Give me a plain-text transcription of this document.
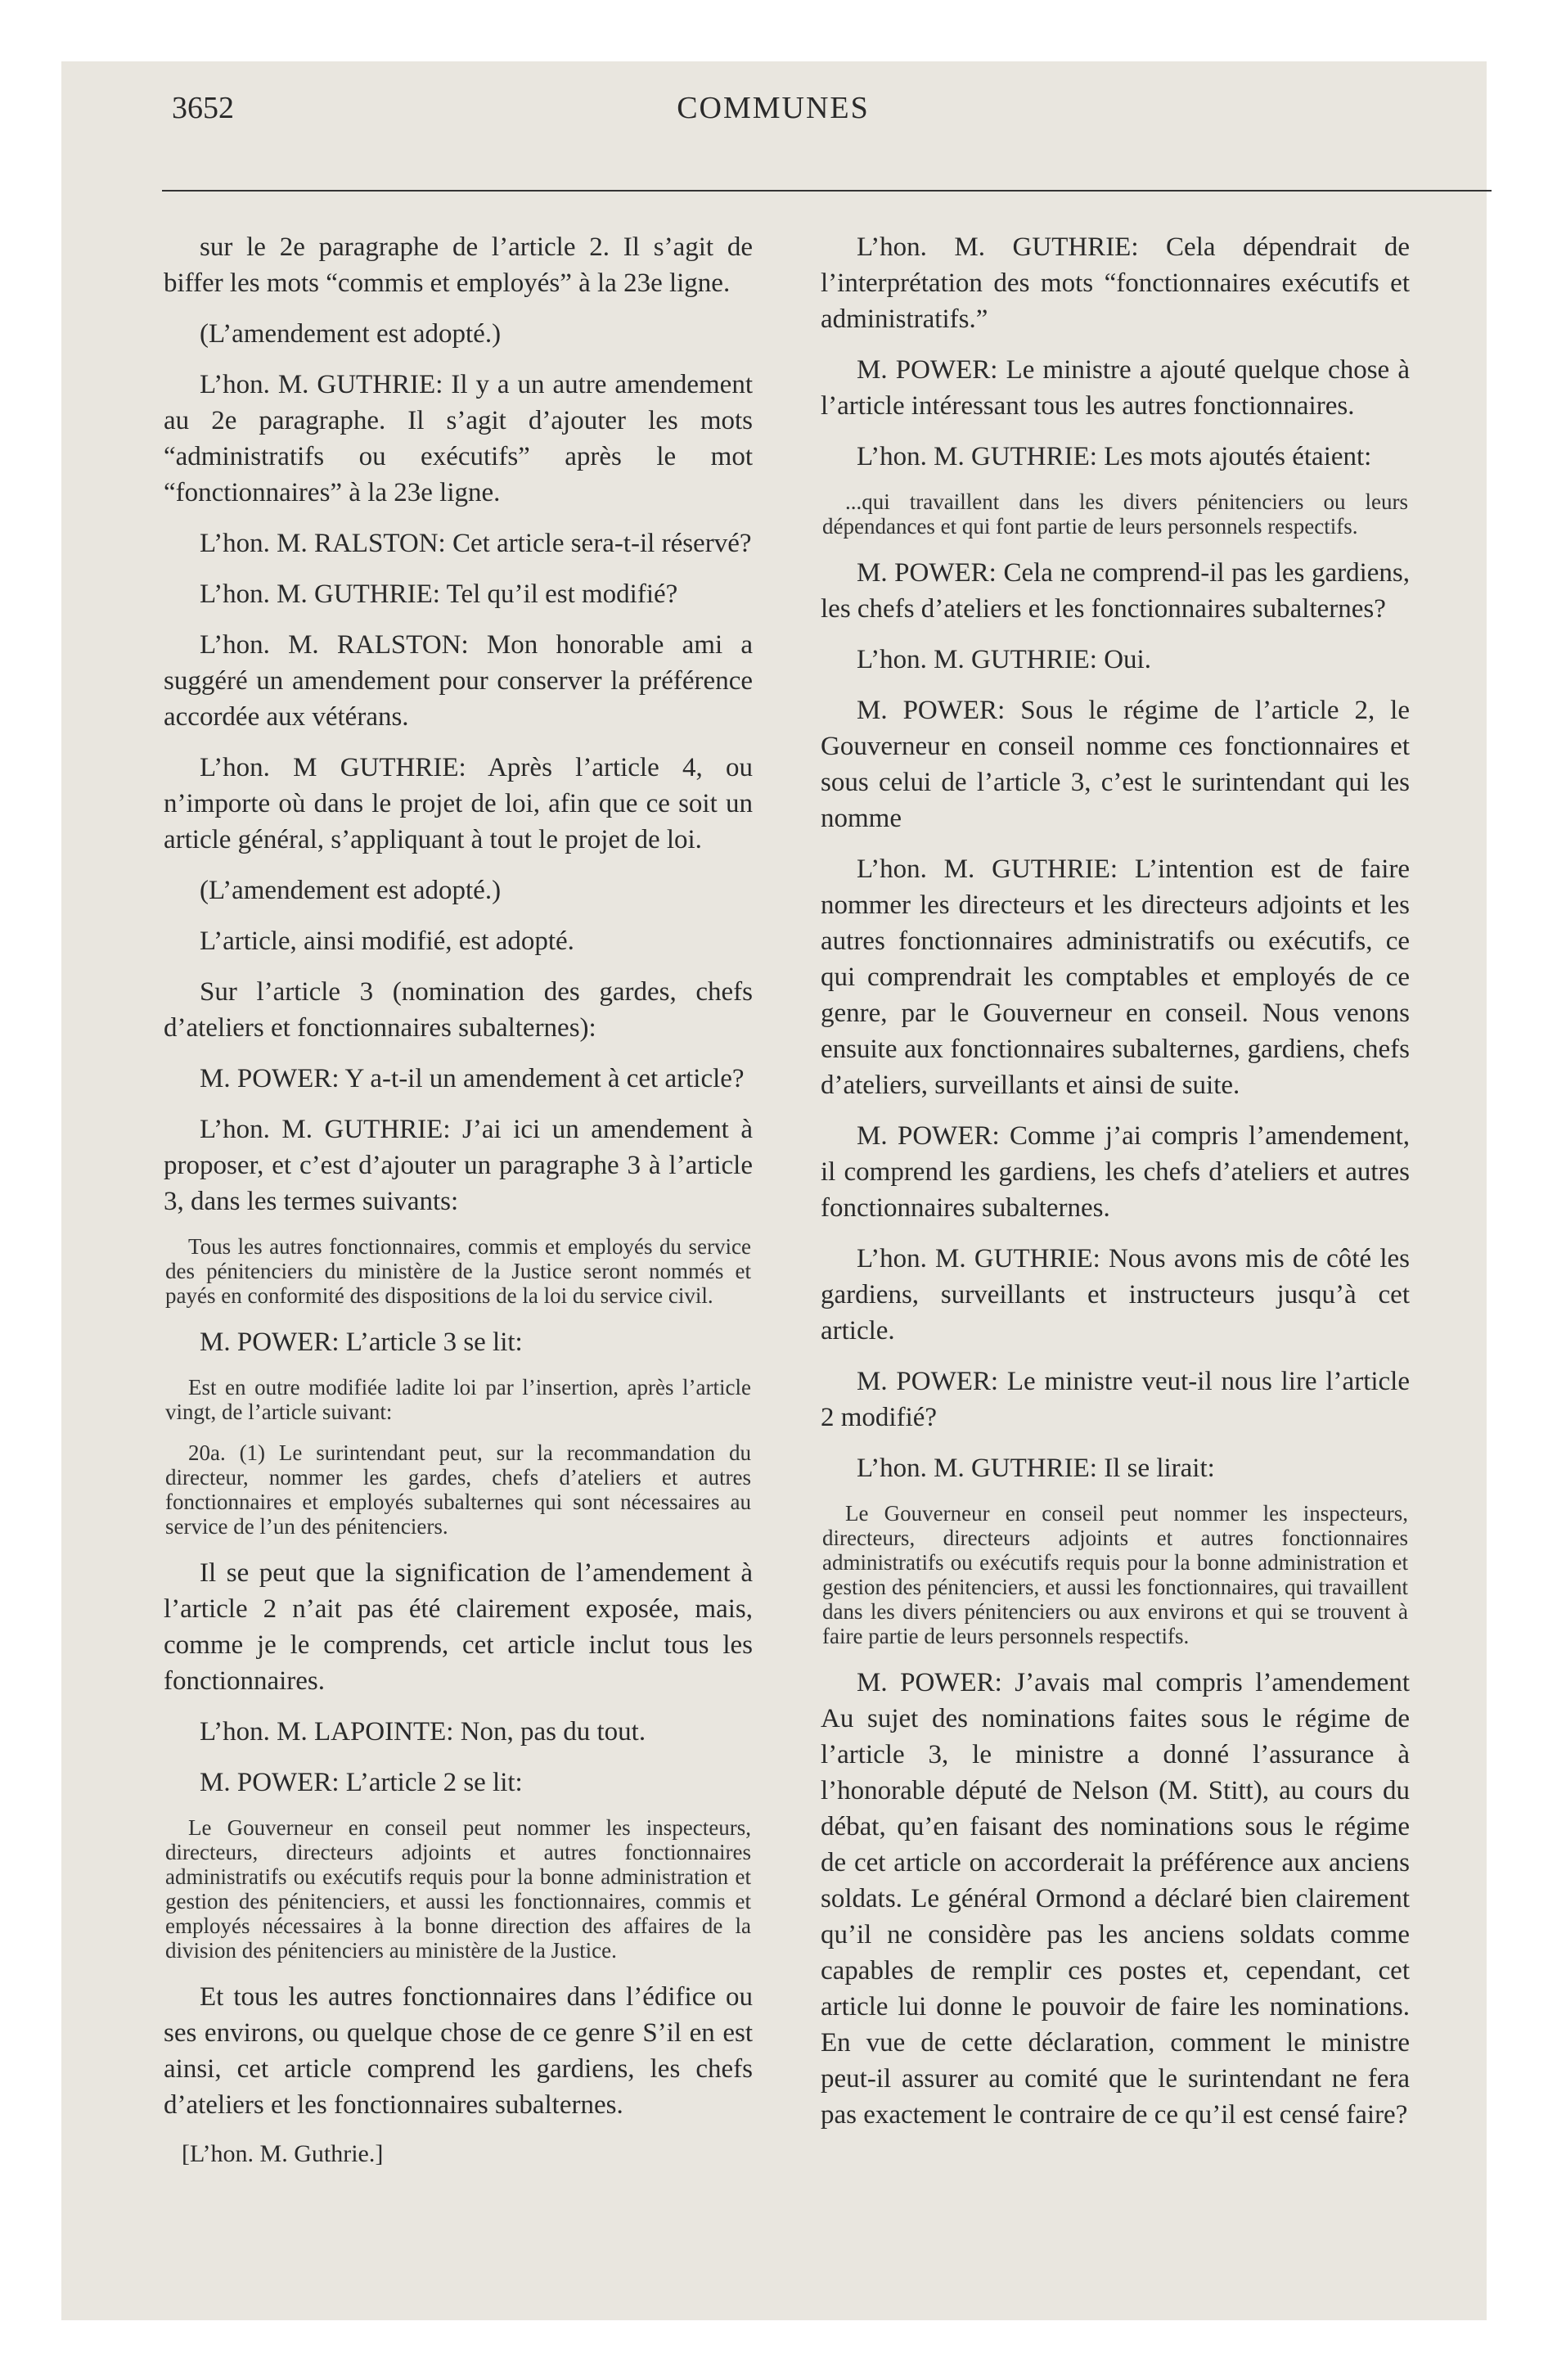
3652	COMMUNES

sur le 2e paragraphe de l’article 2. Il s’agit de biffer les mots “commis et employés” à la 23e ligne.

(L’amendement est adopté.)

L’hon. M. GUTHRIE: Il y a un autre amendement au 2e paragraphe. Il s’agit d’ajouter les mots “administratifs ou exécutifs” après le mot “fonctionnaires” à la 23e ligne.

L’hon. M. RALSTON: Cet article sera-t-il réservé?

L’hon. M. GUTHRIE: Tel qu’il est modifié?

L’hon. M. RALSTON: Mon honorable ami a suggéré un amendement pour conserver la préférence accordée aux vétérans.

L’hon. M GUTHRIE: Après l’article 4, ou n’importe où dans le projet de loi, afin que ce soit un article général, s’appliquant à tout le projet de loi.

(L’amendement est adopté.)

L’article, ainsi modifié, est adopté.

Sur l’article 3 (nomination des gardes, chefs d’ateliers et fonctionnaires subalternes):

M. POWER: Y a-t-il un amendement à cet article?

L’hon. M. GUTHRIE: J’ai ici un amendement à proposer, et c’est d’ajouter un paragraphe 3 à l’article 3, dans les termes suivants:

Tous les autres fonctionnaires, commis et employés du service des pénitenciers du ministère de la Justice seront nommés et payés en conformité des dispositions de la loi du service civil.

M. POWER: L’article 3 se lit:

Est en outre modifiée ladite loi par l’insertion, après l’article vingt, de l’article suivant:

20a. (1) Le surintendant peut, sur la recommandation du directeur, nommer les gardes, chefs d’ateliers et autres fonctionnaires et employés subalternes qui sont nécessaires au service de l’un des pénitenciers.

Il se peut que la signification de l’amendement à l’article 2 n’ait pas été clairement exposée, mais, comme je le comprends, cet article inclut tous les fonctionnaires.

L’hon. M. LAPOINTE: Non, pas du tout.

M. POWER: L’article 2 se lit:

Le Gouverneur en conseil peut nommer les inspecteurs, directeurs, directeurs adjoints et autres fonctionnaires administratifs ou exécutifs requis pour la bonne administration et gestion des pénitenciers, et aussi les fonctionnaires, commis et employés nécessaires à la bonne direction des affaires de la division des pénitenciers au ministère de la Justice.

Et tous les autres fonctionnaires dans l’édifice ou ses environs, ou quelque chose de ce genre S’il en est ainsi, cet article comprend les gardiens, les chefs d’ateliers et les fonctionnaires subalternes.

[L’hon. M. Guthrie.]

L’hon. M. GUTHRIE: Cela dépendrait de l’interprétation des mots “fonctionnaires exécutifs et administratifs.”

M. POWER: Le ministre a ajouté quelque chose à l’article intéressant tous les autres fonctionnaires.

L’hon. M. GUTHRIE: Les mots ajoutés étaient:

...qui travaillent dans les divers pénitenciers ou leurs dépendances et qui font partie de leurs personnels respectifs.

M. POWER: Cela ne comprend-il pas les gardiens, les chefs d’ateliers et les fonctionnaires subalternes?

L’hon. M. GUTHRIE: Oui.

M. POWER: Sous le régime de l’article 2, le Gouverneur en conseil nomme ces fonctionnaires et sous celui de l’article 3, c’est le surintendant qui les nomme

L’hon. M. GUTHRIE: L’intention est de faire nommer les directeurs et les directeurs adjoints et les autres fonctionnaires administratifs ou exécutifs, ce qui comprendrait les comptables et employés de ce genre, par le Gouverneur en conseil. Nous venons ensuite aux fonctionnaires subalternes, gardiens, chefs d’ateliers, surveillants et ainsi de suite.

M. POWER: Comme j’ai compris l’amendement, il comprend les gardiens, les chefs d’ateliers et autres fonctionnaires subalternes.

L’hon. M. GUTHRIE: Nous avons mis de côté les gardiens, surveillants et instructeurs jusqu’à cet article.

M. POWER: Le ministre veut-il nous lire l’article 2 modifié?

L’hon. M. GUTHRIE: Il se lirait:

Le Gouverneur en conseil peut nommer les inspecteurs, directeurs, directeurs adjoints et autres fonctionnaires administratifs ou exécutifs requis pour la bonne administration et gestion des pénitenciers, et aussi les fonctionnaires, qui travaillent dans les divers pénitenciers ou aux environs et qui se trouvent à faire partie de leurs personnels respectifs.

M. POWER: J’avais mal compris l’amendement Au sujet des nominations faites sous le régime de l’article 3, le ministre a donné l’assurance à l’honorable député de Nelson (M. Stitt), au cours du débat, qu’en faisant des nominations sous le régime de cet article on accorderait la préférence aux anciens soldats. Le général Ormond a déclaré bien clairement qu’il ne considère pas les anciens soldats comme capables de remplir ces postes et, cependant, cet article lui donne le pouvoir de faire les nominations. En vue de cette déclaration, comment le ministre peut-il assurer au comité que le surintendant ne fera pas exactement le contraire de ce qu’il est censé faire?
